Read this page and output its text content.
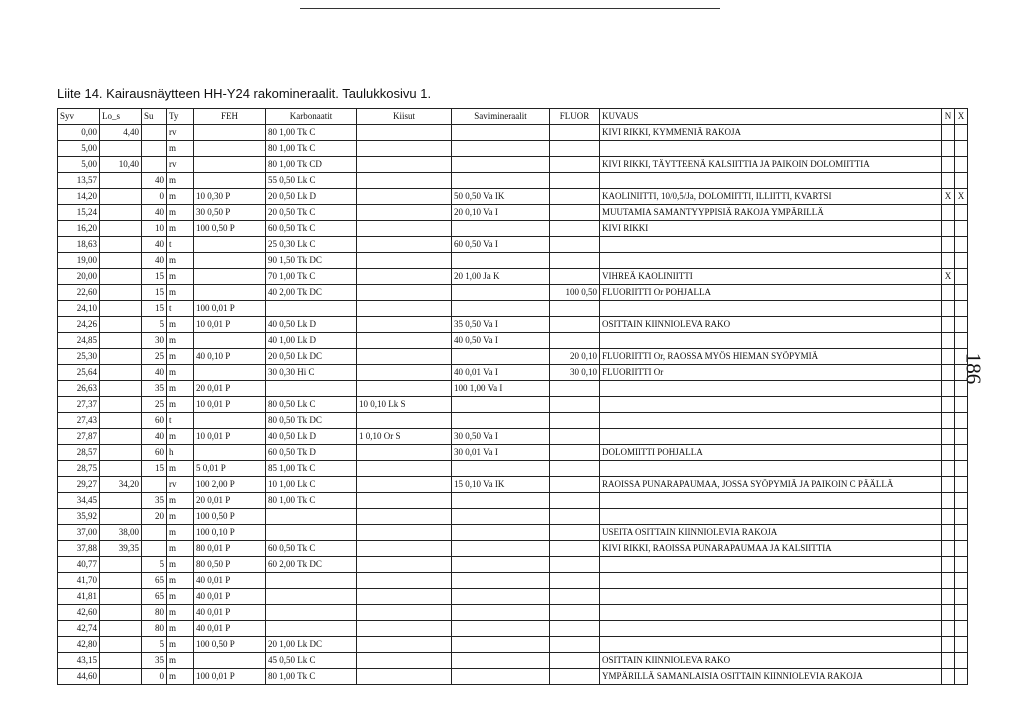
Liite 14. Kairausnäytteen HH-Y24 rakomineraalit. Taulukkosivu 1.
186
Syv	Lo_s	Su	Ty	FEH	Karbonaatit	Kiisut	Savimineraalit	FLUOR	KUVAUS	N	X
0,00	4,40		rv		80 1,00 Tk C				KIVI RIKKI, KYMMENIÄ RAKOJA		
5,00			m		80 1,00 Tk C						
5,00	10,40		rv		80 1,00 Tk CD				KIVI RIKKI, TÄYTTEENÄ KALSIITTIA JA PAIKOIN DOLOMIITTIA		
13,57		40	m		55 0,50 Lk C						
14,20		0	m	10 0,30 P	20 0,50 Lk D		50 0,50 Va IK		KAOLINIITTI, 10/0,5/Ja, DOLOMIITTI, ILLIITTI, KVARTSI	X	X
15,24		40	m	30 0,50 P	20 0,50 Tk C		20 0,10 Va I		MUUTAMIA SAMANTYYPPISIÄ RAKOJA YMPÄRILLÄ		
16,20		10	m	100 0,50 P	60 0,50 Tk C				KIVI RIKKI		
18,63		40	t		25 0,30 Lk C		60 0,50 Va I				
19,00		40	m		90 1,50 Tk DC						
20,00		15	m		70 1,00 Tk C		20 1,00 Ja K		VIHREÄ KAOLINIITTI	X	
22,60		15	m		40 2,00 Tk DC			100 0,50	FLUORIITTI Or POHJALLA		
24,10		15	t	100 0,01 P							
24,26		5	m	10 0,01 P	40 0,50 Lk D		35 0,50 Va I		OSITTAIN KIINNIOLEVA RAKO		
24,85		30	m		40 1,00 Lk D		40 0,50 Va I				
25,30		25	m	40 0,10 P	20 0,50 Lk DC			20 0,10	FLUORIITTI Or, RAOSSA MYÖS HIEMAN SYÖPYMIÄ		
25,64		40	m		30 0,30 Hi C		40 0,01 Va I	30 0,10	FLUORIITTI Or		
26,63		35	m	20 0,01 P			100 1,00 Va I				
27,37		25	m	10 0,01 P	80 0,50 Lk C	10 0,10 Lk S					
27,43		60	t		80 0,50 Tk DC						
27,87		40	m	10 0,01 P	40 0,50 Lk D	1 0,10 Or S	30 0,50 Va I				
28,57		60	h		60 0,50 Tk D		30 0,01 Va I		DOLOMIITTI POHJALLA		
28,75		15	m	5 0,01 P	85 1,00 Tk C						
29,27	34,20		rv	100 2,00 P	10 1,00 Lk C		15 0,10 Va IK		RAOISSA PUNARAPAUMAA, JOSSA SYÖPYMIÄ JA PAIKOIN C PÄÄLLÄ		
34,45		35	m	20 0,01 P	80 1,00 Tk C						
35,92		20	m	100 0,50 P							
37,00	38,00		m	100 0,10 P					USEITA OSITTAIN KIINNIOLEVIA RAKOJA		
37,88	39,35		m	80 0,01 P	60 0,50 Tk C				KIVI RIKKI, RAOISSA PUNARAPAUMAA JA KALSIITTIA		
40,77		5	m	80 0,50 P	60 2,00 Tk DC						
41,70		65	m	40 0,01 P							
41,81		65	m	40 0,01 P							
42,60		80	m	40 0,01 P							
42,74		80	m	40 0,01 P							
42,80		5	m	100 0,50 P	20 1,00 Lk DC						
43,15		35	m		45 0,50 Lk C				OSITTAIN KIINNIOLEVA RAKO		
44,60		0	m	100 0,01 P	80 1,00 Tk C				YMPÄRILLÄ SAMANLAISIA OSITTAIN KIINNIOLEVIA RAKOJA		
